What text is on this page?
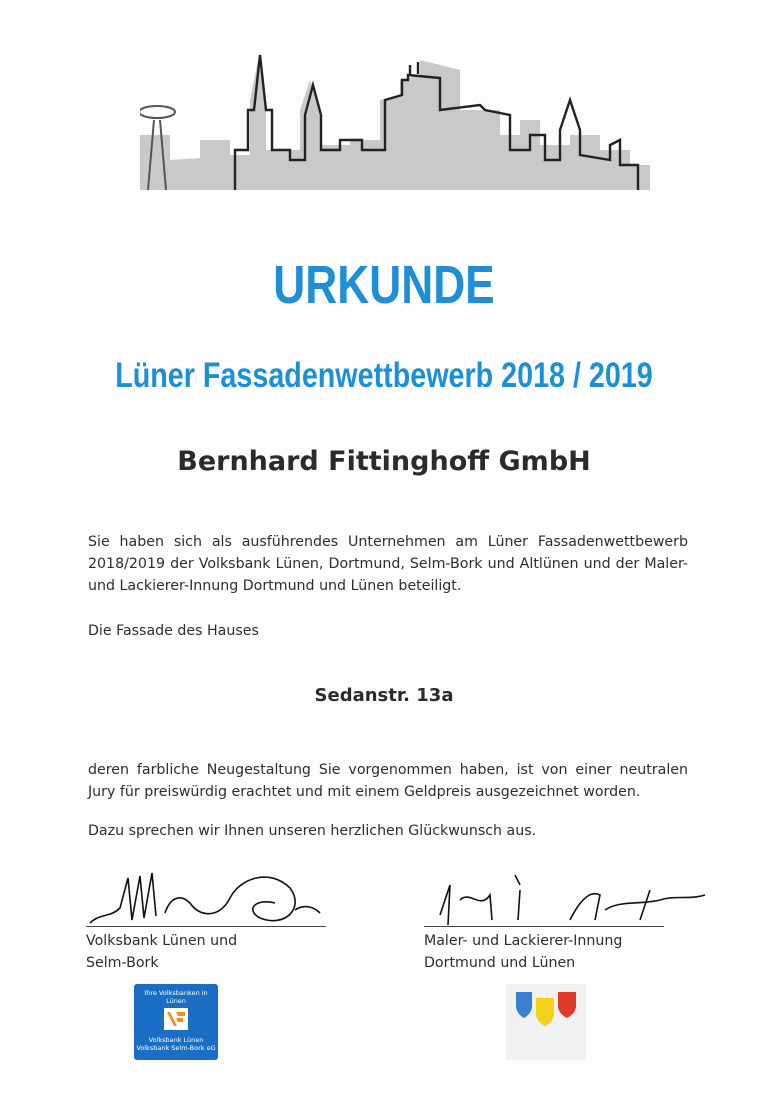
URKUNDE
Lüner Fassadenwettbewerb 2018 / 2019
Bernhard Fittinghoff GmbH
Sie haben sich als ausführendes Unternehmen am Lüner Fassadenwettbewerb 2018/2019 der Volksbank Lünen, Dortmund, Selm-Bork und Altlünen und der Maler- und Lackierer-Innung Dortmund und Lünen beteiligt.
Die Fassade des Hauses
Sedanstr. 13a
deren farbliche Neugestaltung Sie vorgenommen haben, ist von einer neutralen Jury für preiswürdig erachtet und mit einem Geldpreis ausgezeichnet worden.
Dazu sprechen wir Ihnen unseren herzlichen Glückwunsch aus.
Volksbank Lünen und
Selm-Bork
Maler- und Lackierer-Innung
Dortmund und Lünen
Ihre Volksbanken in Lünen
Volksbank Lünen
Volksbank Selm-Bork eG
